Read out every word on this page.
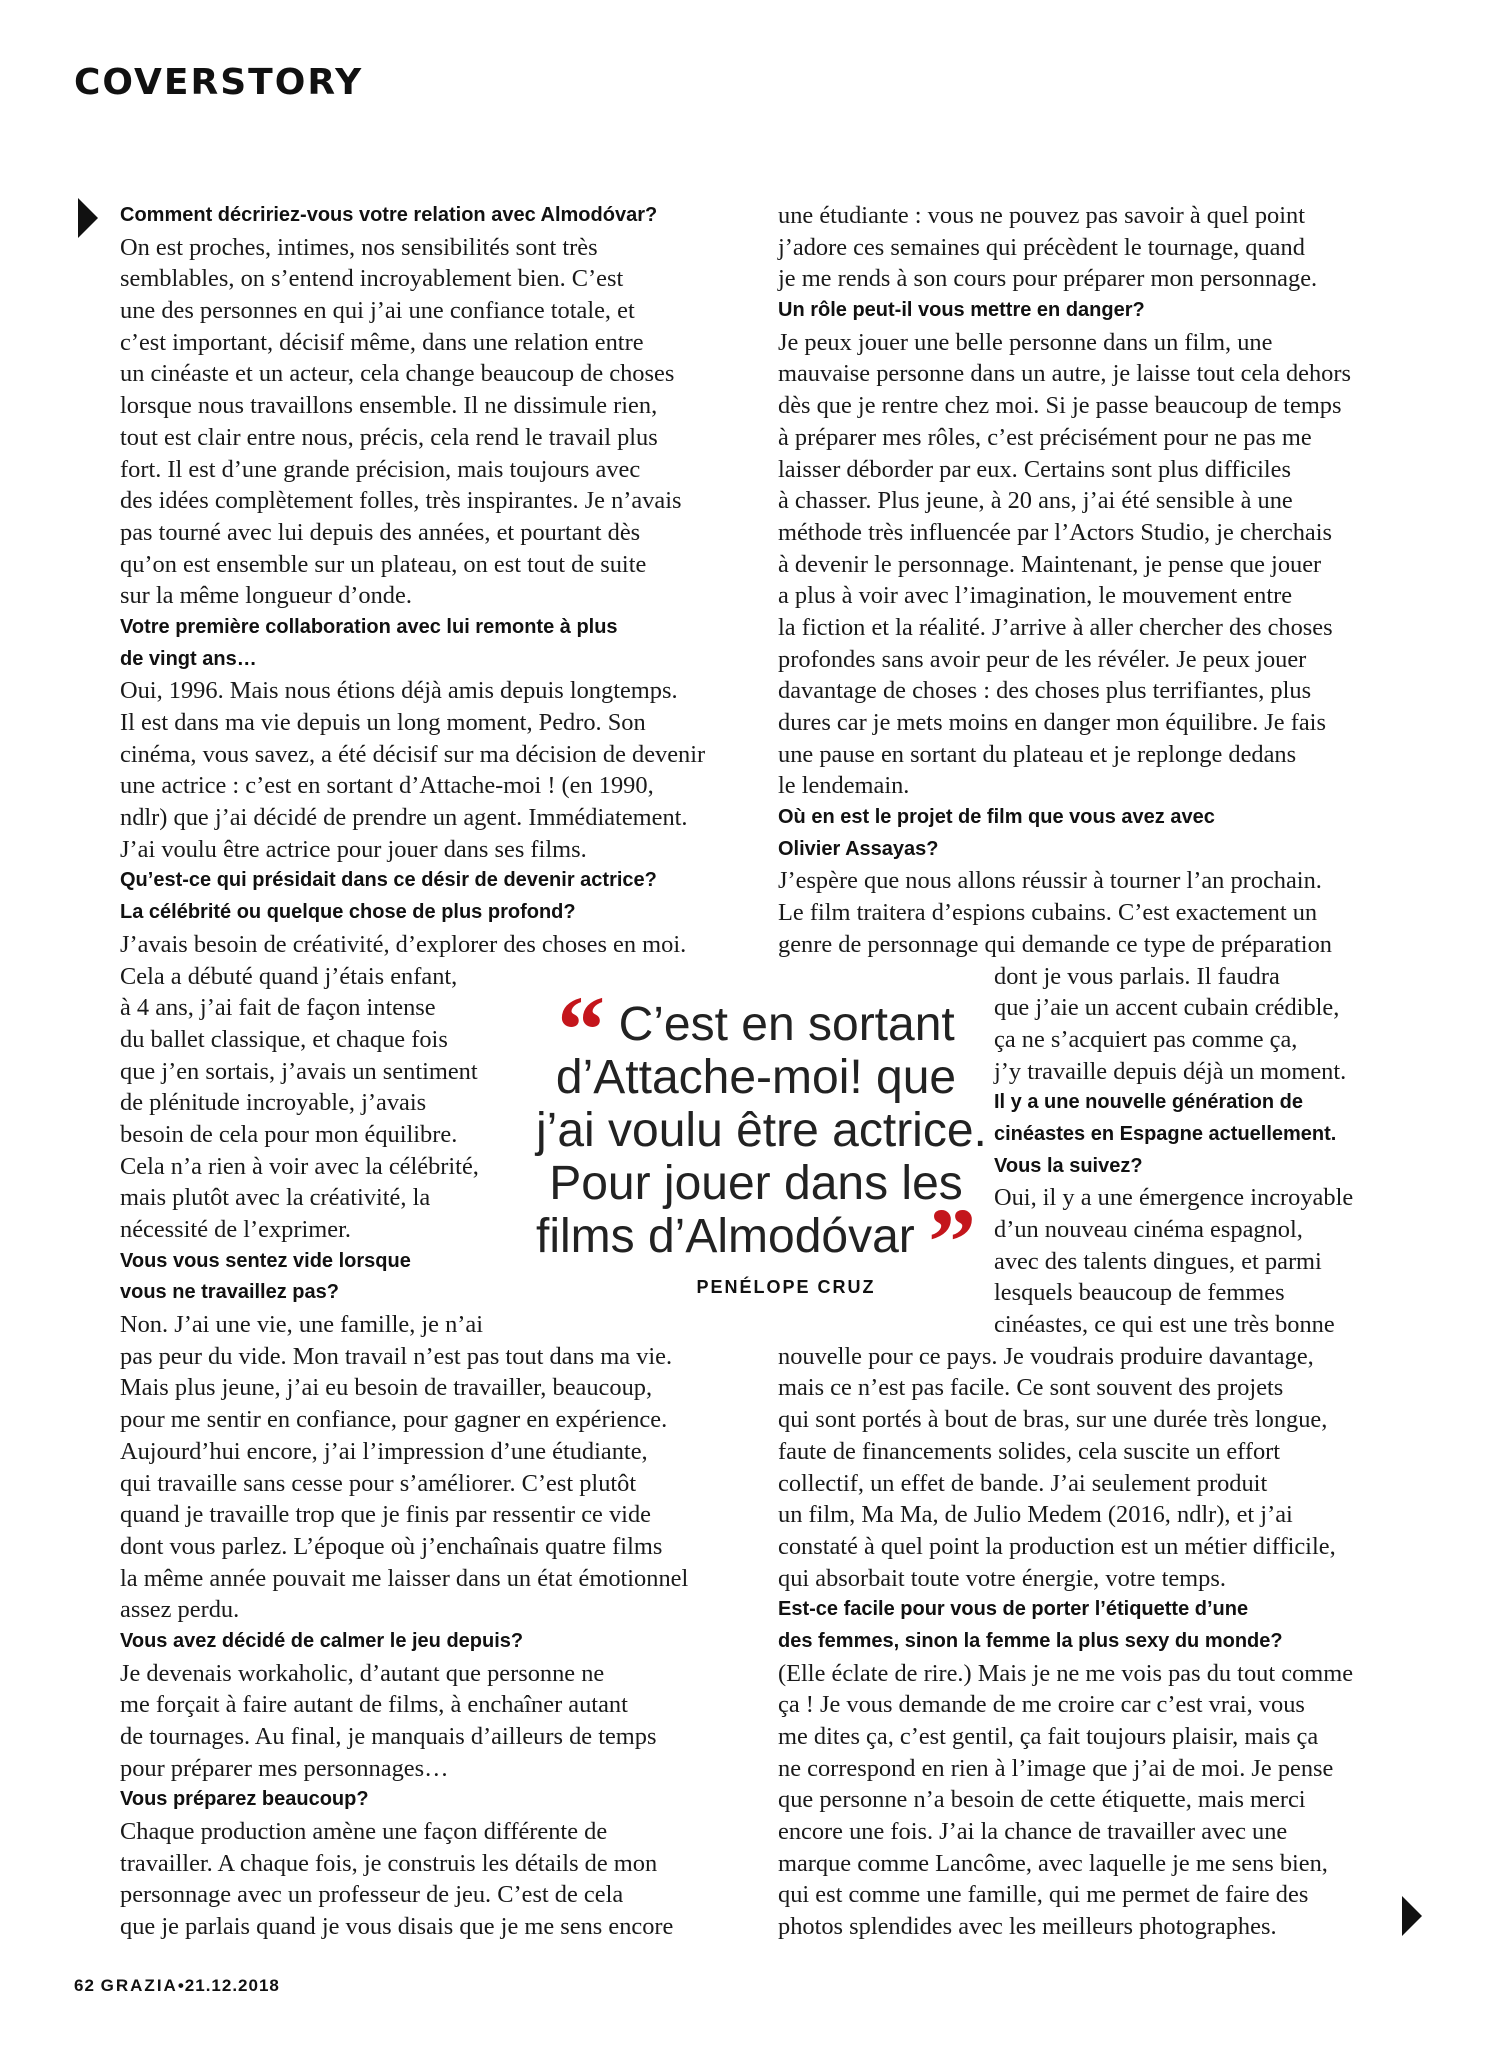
COVERSTORY
Comment décririez-vous votre relation avec Almodóvar?
On est proches, intimes, nos sensibilités sont très
semblables, on s’entend incroyablement bien. C’est
une des personnes en qui j’ai une confiance totale, et
c’est important, décisif même, dans une relation entre
un cinéaste et un acteur, cela change beaucoup de choses
lorsque nous travaillons ensemble. Il ne dissimule rien,
tout est clair entre nous, précis, cela rend le travail plus
fort. Il est d’une grande précision, mais toujours avec
des idées complètement folles, très inspirantes. Je n’avais
pas tourné avec lui depuis des années, et pourtant dès
qu’on est ensemble sur un plateau, on est tout de suite
sur la même longueur d’onde.
Votre première collaboration avec lui remonte à plus
de vingt ans…
Oui, 1996. Mais nous étions déjà amis depuis longtemps.
Il est dans ma vie depuis un long moment, Pedro. Son
cinéma, vous savez, a été décisif sur ma décision de devenir
une actrice : c’est en sortant d’Attache-moi ! (en 1990,
ndlr) que j’ai décidé de prendre un agent. Immédiatement.
J’ai voulu être actrice pour jouer dans ses films.
Qu’est-ce qui présidait dans ce désir de devenir actrice?
La célébrité ou quelque chose de plus profond?
J’avais besoin de créativité, d’explorer des choses en moi.
Cela a débuté quand j’étais enfant,
à 4 ans, j’ai fait de façon intense
du ballet classique, et chaque fois
que j’en sortais, j’avais un sentiment
de plénitude incroyable, j’avais
besoin de cela pour mon équilibre.
Cela n’a rien à voir avec la célébrité,
mais plutôt avec la créativité, la
nécessité de l’exprimer.
Vous vous sentez vide lorsque
vous ne travaillez pas?
Non. J’ai une vie, une famille, je n’ai
pas peur du vide. Mon travail n’est pas tout dans ma vie.
Mais plus jeune, j’ai eu besoin de travailler, beaucoup,
pour me sentir en confiance, pour gagner en expérience.
Aujourd’hui encore, j’ai l’impression d’une étudiante,
qui travaille sans cesse pour s’améliorer. C’est plutôt
quand je travaille trop que je finis par ressentir ce vide
dont vous parlez. L’époque où j’enchaînais quatre films
la même année pouvait me laisser dans un état émotionnel
assez perdu.
Vous avez décidé de calmer le jeu depuis?
Je devenais workaholic, d’autant que personne ne
me forçait à faire autant de films, à enchaîner autant
de tournages. Au final, je manquais d’ailleurs de temps
pour préparer mes personnages…
Vous préparez beaucoup?
Chaque production amène une façon différente de
travailler. A chaque fois, je construis les détails de mon
personnage avec un professeur de jeu. C’est de cela
que je parlais quand je vous disais que je me sens encore
une étudiante : vous ne pouvez pas savoir à quel point
j’adore ces semaines qui précèdent le tournage, quand
je me rends à son cours pour préparer mon personnage.
Un rôle peut-il vous mettre en danger?
Je peux jouer une belle personne dans un film, une
mauvaise personne dans un autre, je laisse tout cela dehors
dès que je rentre chez moi. Si je passe beaucoup de temps
à préparer mes rôles, c’est précisément pour ne pas me
laisser déborder par eux. Certains sont plus difficiles
à chasser. Plus jeune, à 20 ans, j’ai été sensible à une
méthode très influencée par l’Actors Studio, je cherchais
à devenir le personnage. Maintenant, je pense que jouer
a plus à voir avec l’imagination, le mouvement entre
la fiction et la réalité. J’arrive à aller chercher des choses
profondes sans avoir peur de les révéler. Je peux jouer
davantage de choses : des choses plus terrifiantes, plus
dures car je mets moins en danger mon équilibre. Je fais
une pause en sortant du plateau et je replonge dedans
le lendemain.
Où en est le projet de film que vous avez avec
Olivier Assayas?
J’espère que nous allons réussir à tourner l’an prochain.
Le film traitera d’espions cubains. C’est exactement un
genre de personnage qui demande ce type de préparation
dont je vous parlais. Il faudra
que j’aie un accent cubain crédible,
ça ne s’acquiert pas comme ça,
j’y travaille depuis déjà un moment.
Il y a une nouvelle génération de
cinéastes en Espagne actuellement.
Vous la suivez?
Oui, il y a une émergence incroyable
d’un nouveau cinéma espagnol,
avec des talents dingues, et parmi
lesquels beaucoup de femmes
cinéastes, ce qui est une très bonne
nouvelle pour ce pays. Je voudrais produire davantage,
mais ce n’est pas facile. Ce sont souvent des projets
qui sont portés à bout de bras, sur une durée très longue,
faute de financements solides, cela suscite un effort
collectif, un effet de bande. J’ai seulement produit
un film, Ma Ma, de Julio Medem (2016, ndlr), et j’ai
constaté à quel point la production est un métier difficile,
qui absorbait toute votre énergie, votre temps.
Est-ce facile pour vous de porter l’étiquette d’une
des femmes, sinon la femme la plus sexy du monde?
(Elle éclate de rire.) Mais je ne me vois pas du tout comme
ça ! Je vous demande de me croire car c’est vrai, vous
me dites ça, c’est gentil, ça fait toujours plaisir, mais ça
ne correspond en rien à l’image que j’ai de moi. Je pense
que personne n’a besoin de cette étiquette, mais merci
encore une fois. J’ai la chance de travailler avec une
marque comme Lancôme, avec laquelle je me sens bien,
qui est comme une famille, qui me permet de faire des
photos splendides avec les meilleurs photographes.
“ C’est en sortant
d’Attache-moi! que
j’ai voulu être actrice.
Pour jouer dans les
films d’Almodóvar ”
PENÉLOPE CRUZ
62 GRAZIA•21.12.2018
